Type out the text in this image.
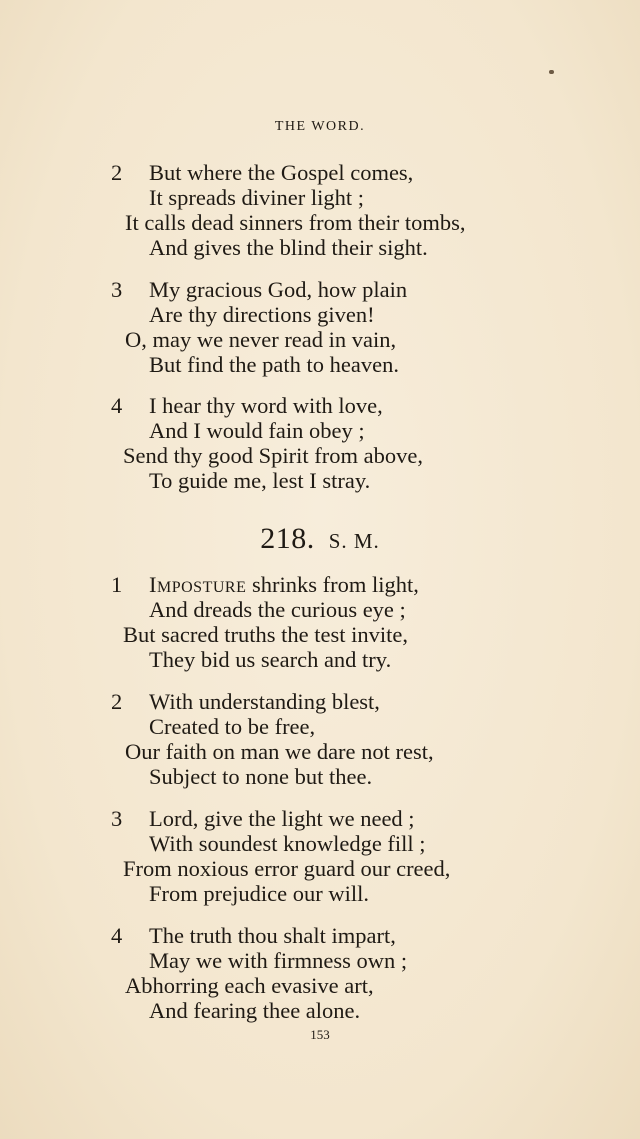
THE WORD.
2 But where the Gospel comes,
It spreads diviner light ;
It calls dead sinners from their tombs,
And gives the blind their sight.
3 My gracious God, how plain
Are thy directions given!
O, may we never read in vain,
But find the path to heaven.
4 I hear thy word with love,
And I would fain obey ;
Send thy good Spirit from above,
To guide me, lest I stray.
218. S. M.
1 Imposture shrinks from light,
And dreads the curious eye ;
But sacred truths the test invite,
They bid us search and try.
2 With understanding blest,
Created to be free,
Our faith on man we dare not rest,
Subject to none but thee.
3 Lord, give the light we need ;
With soundest knowledge fill ;
From noxious error guard our creed,
From prejudice our will.
4 The truth thou shalt impart,
May we with firmness own ;
Abhorring each evasive art,
And fearing thee alone.
153
